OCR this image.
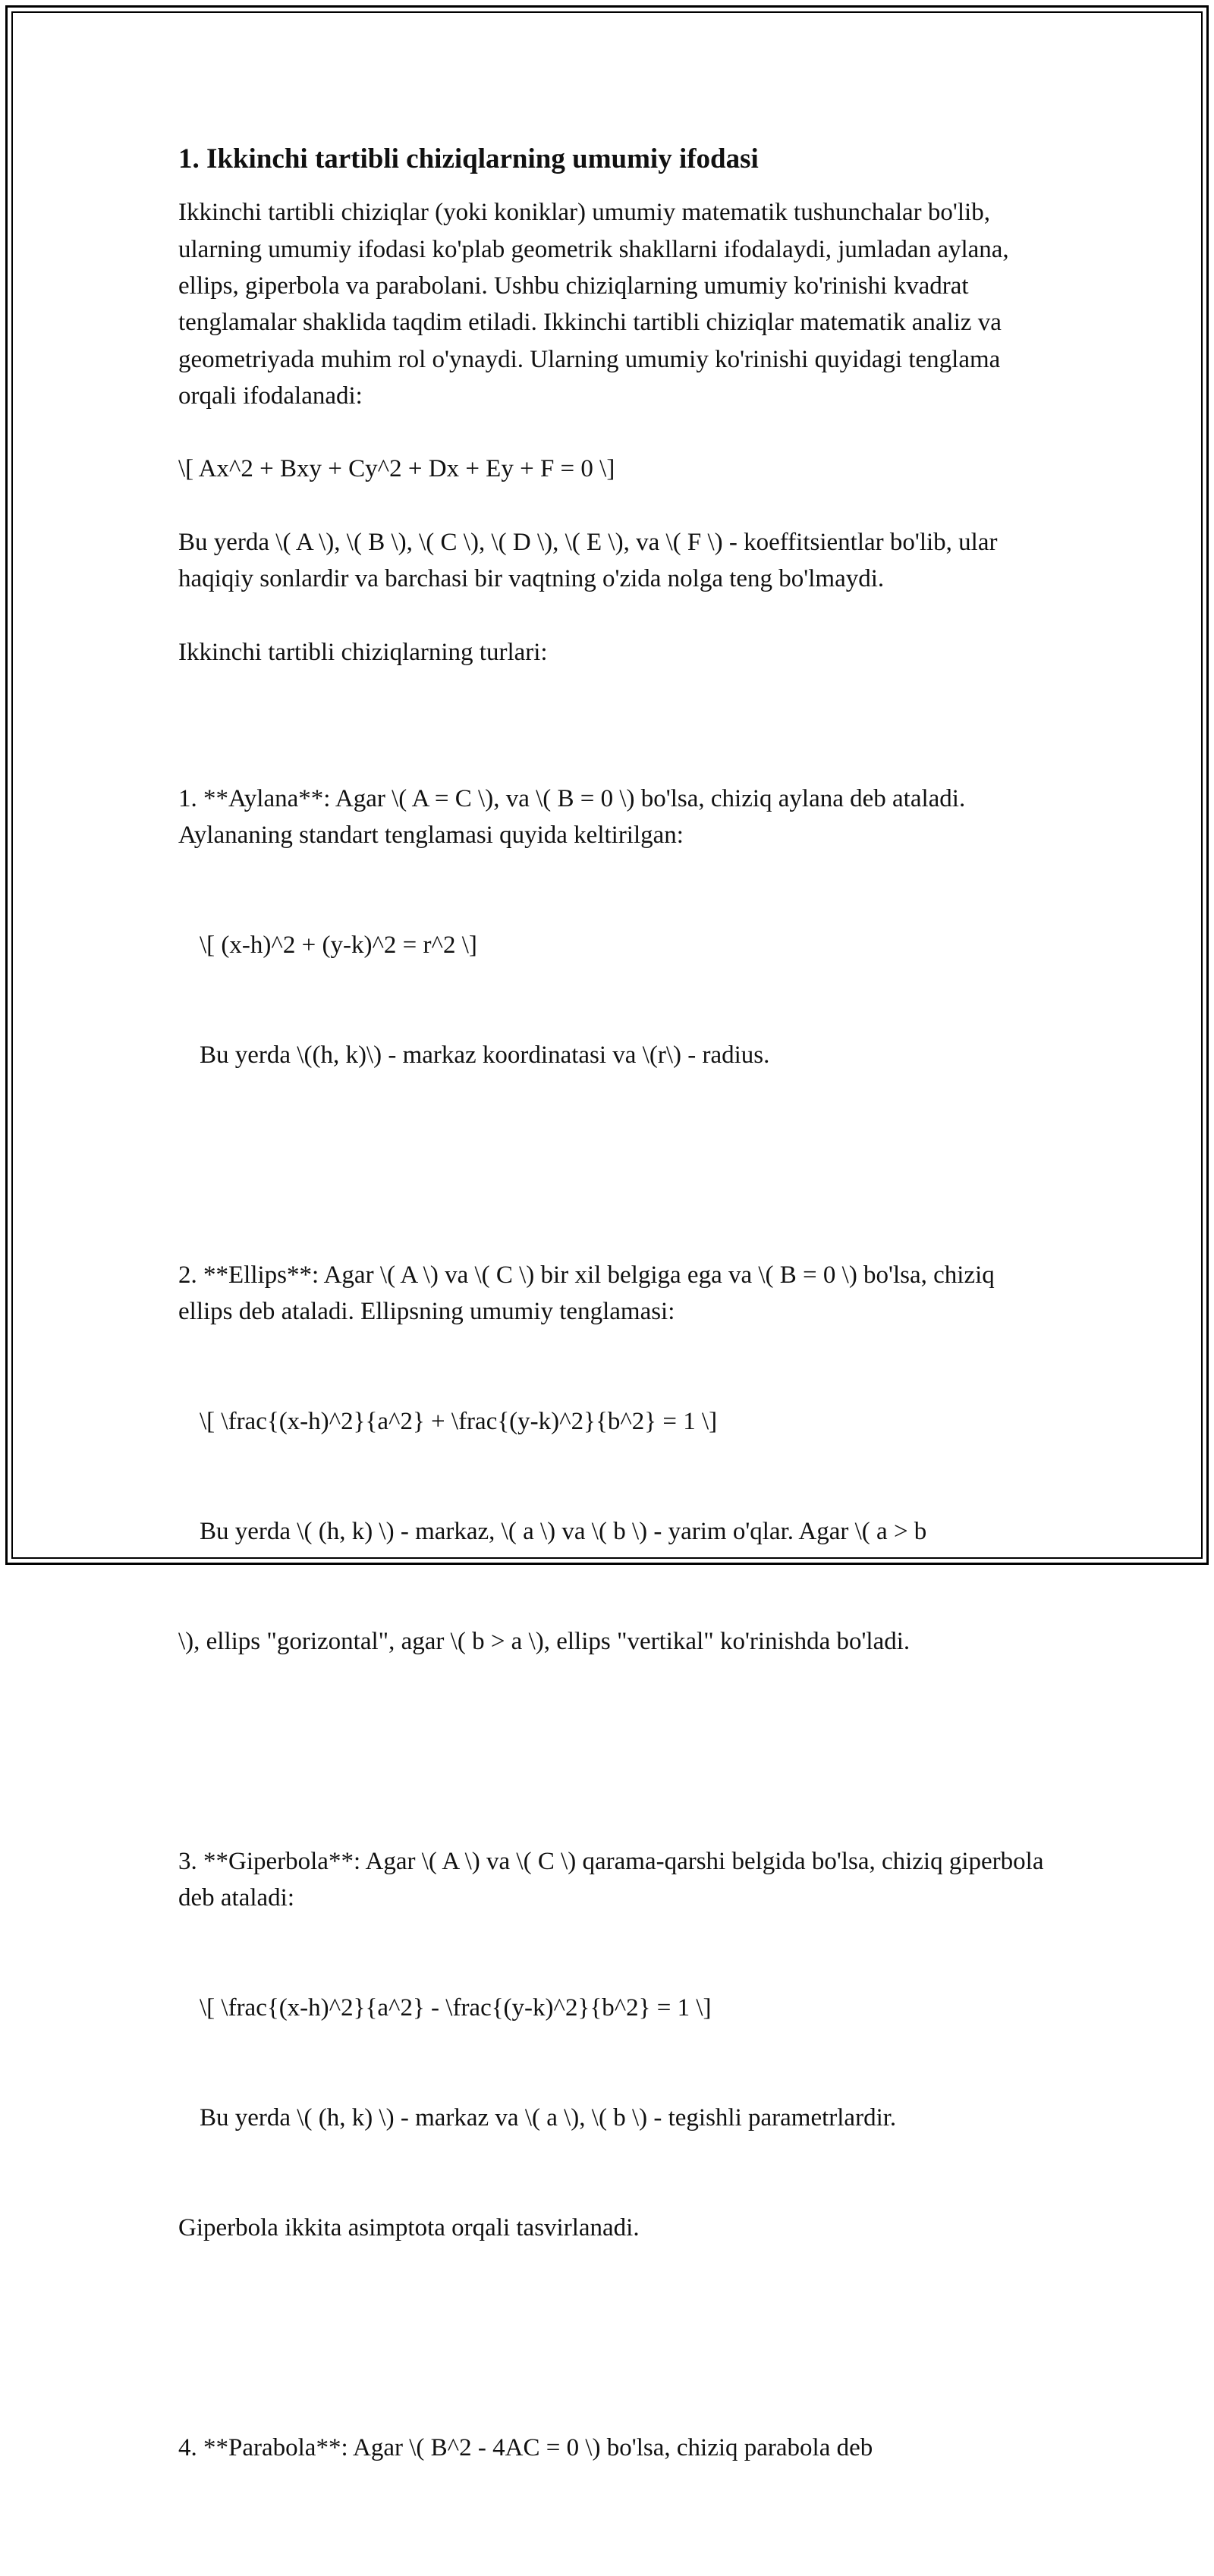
1. Ikkinchi tartibli chiziqlarning umumiy ifodasi
Ikkinchi tartibli chiziqlar (yoki koniklar) umumiy matematik tushunchalar bo'lib, ularning umumiy ifodasi ko'plab geometrik shakllarni ifodalaydi, jumladan aylana, ellips, giperbola va parabolani. Ushbu chiziqlarning umumiy ko'rinishi kvadrat tenglamalar shaklida taqdim etiladi. Ikkinchi tartibli chiziqlar matematik analiz va geometriyada muhim rol o'ynaydi. Ularning umumiy ko'rinishi quyidagi tenglama orqali ifodalanadi:
\[ Ax^2 + Bxy + Cy^2 + Dx + Ey + F = 0 \]
Bu yerda \( A \), \( B \), \( C \), \( D \), \( E \), va \( F \) - koeffitsientlar bo'lib, ular haqiqiy sonlardir va barchasi bir vaqtning o'zida nolga teng bo'lmaydi.
Ikkinchi tartibli chiziqlarning turlari:

1. **Aylana**: Agar \( A = C \), va \( B = 0 \) bo'lsa, chiziq aylana deb ataladi. Aylananing standart tenglamasi quyida keltirilgan:

\[ (x-h)^2 + (y-k)^2 = r^2 \]

Bu yerda \((h, k)\) - markaz koordinatasi va \(r\) - radius.

2. **Ellips**: Agar \( A \) va \( C \) bir xil belgiga ega va \( B = 0 \) bo'lsa, chiziq ellips deb ataladi. Ellipsning umumiy tenglamasi:

\[ \frac{(x-h)^2}{a^2} + \frac{(y-k)^2}{b^2} = 1 \]

Bu yerda \( (h, k) \) - markaz, \( a \) va \( b \) - yarim o'qlar. Agar \( a > b

\), ellips "gorizontal", agar \( b > a \), ellips "vertikal" ko'rinishda bo'ladi.

3. **Giperbola**: Agar \( A \) va \( C \) qarama-qarshi belgida bo'lsa, chiziq giperbola deb ataladi:

\[ \frac{(x-h)^2}{a^2} - \frac{(y-k)^2}{b^2} = 1 \]

Bu yerda \( (h, k) \) - markaz va \( a \), \( b \) - tegishli parametrlardir.

Giperbola ikkita asimptota orqali tasvirlanadi.

4. **Parabola**: Agar \( B^2 - 4AC = 0 \) bo'lsa, chiziq parabola deb
